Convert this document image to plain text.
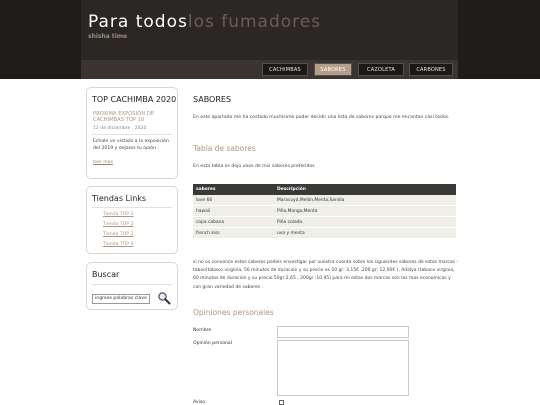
Para todoslos fumadores
shisha time
CACHIMBAS	SABORES	CAZOLETA	CARBONES
TOP CACHIMBA 2020
PROXIMA EXPOSIÓN DE CACHIMBAS TOP 10
12 de diciembre , 2020
Echale un vistazo a la exposición del 2019 y dejaros tu opión .
leer mas
Tiendas Links
Tienda TOP 1
Tienda TOP 2
Tienda TOP 3
Tienda TOP 4
Buscar
ingrese palabras clave
SABORES
En este apartado me ha costado muchisimo poder decidir una lista de sabores porque me encantan casi todos.
Tabla de sabores
En esta tabla os dejo unos de mis sabores preferidos
sabores	Descripción
love 66	Maracuyá,Melón,Menta,Sandia
hawaii	Piña,Mango,Menta
copa cabana	Piña colada
french kiss	uva y menta
si no os convence estos sabores podeis envestigar por vuestra cuenta sobre los siguientes sabores de estas marcas : taboo(tabaco virginia, 50 minutos de duracion y su precio es 50 gr: 3,15€ ,200 gr: 12,00€ ), Adalya (tabaco virginia, 60 minutos de duracion y su precio 50gr:2,65 , 200gr :10,95) para mi estas dos marcas son las mas economicas y con gran variedad de sabores .
Opiniones personales
Nombre
Opinión personal
Aviso
